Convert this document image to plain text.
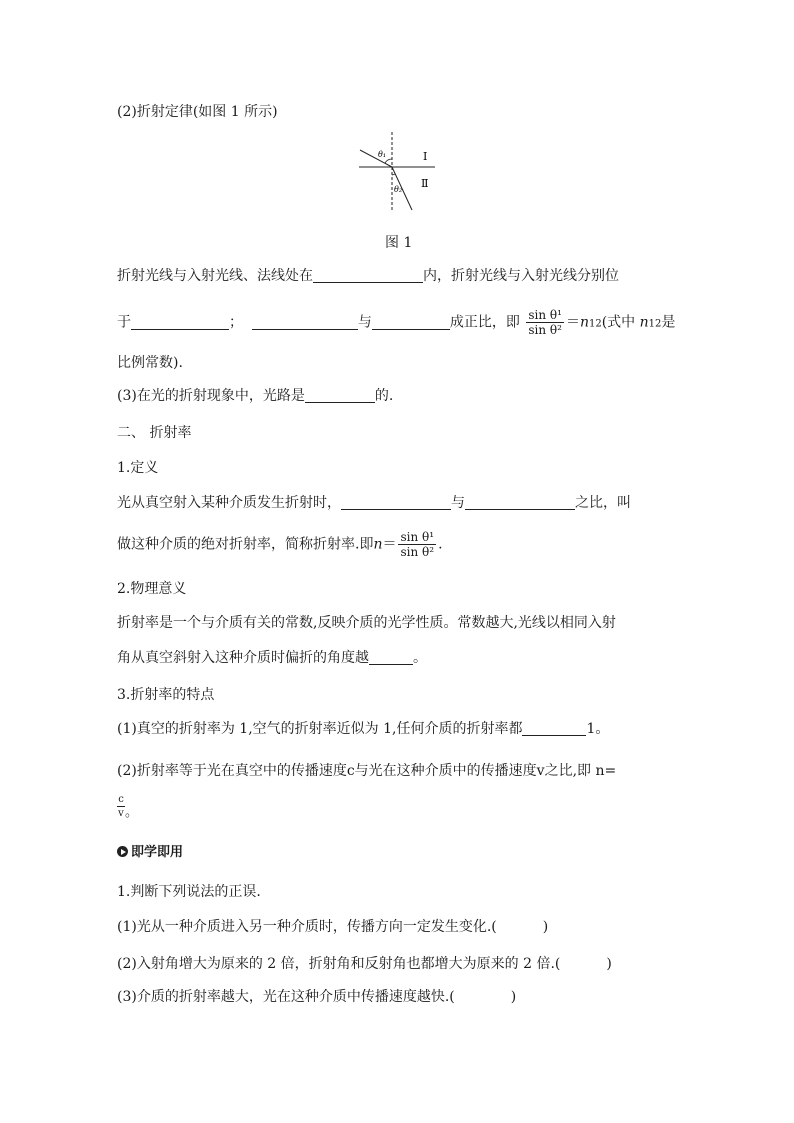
(2)折射定律(如图 1 所示)
θ₁
θ₂
Ⅰ
Ⅱ
图 1
折射光线与入射光线、法线处在	内，折射光线与入射光线分别位
于	；	与	成正比，即 $\frac{\text{sin θ¹}}{\text{sin θ²}} =n12$(式中 n12是
比例常数).
(3)在光的折射现象中，光路是	的.
二、 折射率
1.定义
光从真空射入某种介质发生折射时，	与	之比，叫
做这种介质的绝对折射率，简称折射率.即$n= \frac{\text{sin θ¹}}{\text{sin θ²}}$ .
2.物理意义
折射率是一个与介质有关的常数,反映介质的光学性质。常数越大,光线以相同入射
角从真空斜射入这种介质时偏折的角度越	。
3.折射率的特点
(1)真空的折射率为 1,空气的折射率近似为 1,任何介质的折射率都	1。
(2)折射率等于光在真空中的传播速度c与光在这种介质中的传播速度v之比,即 n=
c
v。
即学即用
1.判断下列说法的正误.
(1)光从一种介质进入另一种介质时，传播方向一定发生变化.(	)
(2)入射角增大为原来的 2 倍，折射角和反射角也都增大为原来的 2 倍.(	)
(3)介质的折射率越大，光在这种介质中传播速度越快.(	)
